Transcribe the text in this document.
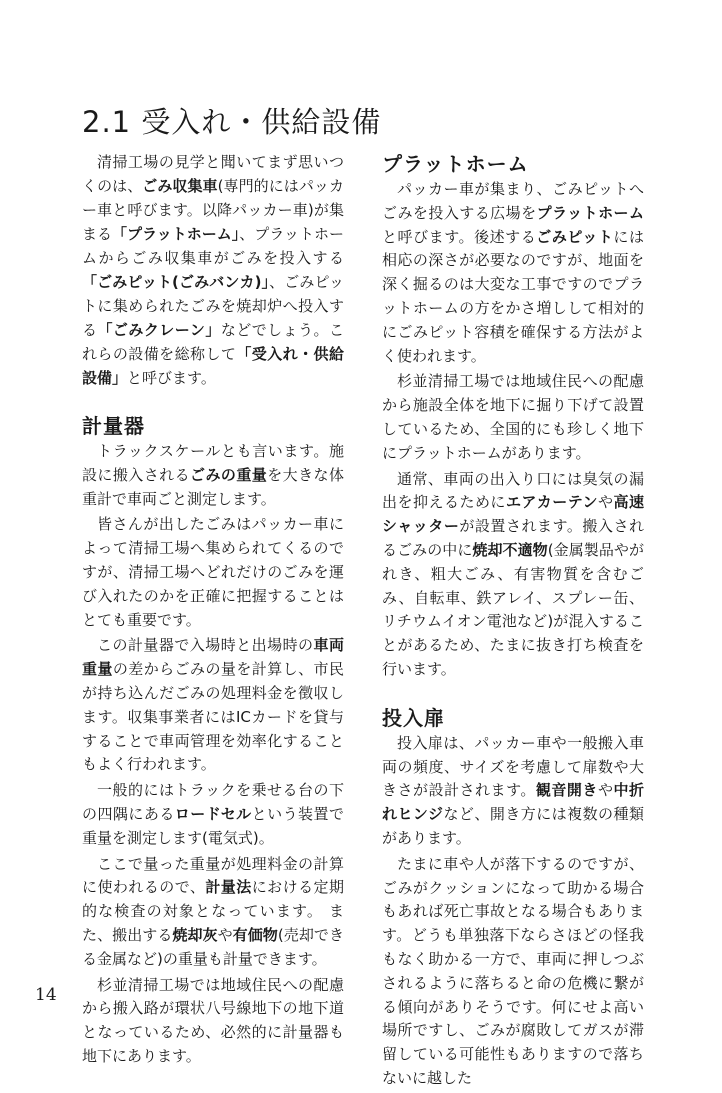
2.1 受入れ・供給設備

清掃工場の見学と聞いてまず思いつくのは、ごみ収集車(専門的にはパッカー車と呼びます。以降パッカー車)が集まる「プラットホーム」、プラットホームからごみ収集車がごみを投入する「ごみピット(ごみバンカ)」、ごみピットに集められたごみを焼却炉へ投入する「ごみクレーン」などでしょう。これらの設備を総称して「受入れ・供給設備」と呼びます。

計量器

トラックスケールとも言います。施設に搬入されるごみの重量を大きな体重計で車両ごと測定します。

皆さんが出したごみはパッカー車によって清掃工場へ集められてくるのですが、清掃工場へどれだけのごみを運び入れたのかを正確に把握することはとても重要です。

この計量器で入場時と出場時の車両重量の差からごみの量を計算し、市民が持ち込んだごみの処理料金を徴収します。収集事業者にはICカードを貸与することで車両管理を効率化することもよく行われます。

一般的にはトラックを乗せる台の下の四隅にあるロードセルという装置で重量を測定します(電気式)。

ここで量った重量が処理料金の計算に使われるので、計量法における定期的な検査の対象となっています。 また、搬出する焼却灰や有価物(売却できる金属など)の重量も計量できます。

杉並清掃工場では地域住民への配慮から搬入路が環状八号線地下の地下道となっているため、必然的に計量器も地下にあります。

プラットホーム

パッカー車が集まり、ごみピットへごみを投入する広場をプラットホームと呼びます。後述するごみピットには相応の深さが必要なのですが、地面を深く掘るのは大変な工事ですのでプラットホームの方をかさ増しして相対的にごみピット容積を確保する方法がよく使われます。

杉並清掃工場では地域住民への配慮から施設全体を地下に掘り下げて設置しているため、全国的にも珍しく地下にプラットホームがあります。

通常、車両の出入り口には臭気の漏出を抑えるためにエアカーテンや高速シャッターが設置されます。搬入されるごみの中に焼却不適物(金属製品やがれき、粗大ごみ、有害物質を含むごみ、自転車、鉄アレイ、スプレー缶、リチウムイオン電池など)が混入することがあるため、たまに抜き打ち検査を行います。

投入扉

投入扉は、パッカー車や一般搬入車両の頻度、サイズを考慮して扉数や大きさが設計されます。観音開きや中折れヒンジなど、開き方には複数の種類があります。

たまに車や人が落下するのですが、ごみがクッションになって助かる場合もあれば死亡事故となる場合もあります。どうも単独落下ならさほどの怪我もなく助かる一方で、車両に押しつぶされるように落ちると命の危機に繋がる傾向がありそうです。何にせよ高い場所ですし、ごみが腐敗してガスが滞留している可能性もありますので落ちないに越した

14
